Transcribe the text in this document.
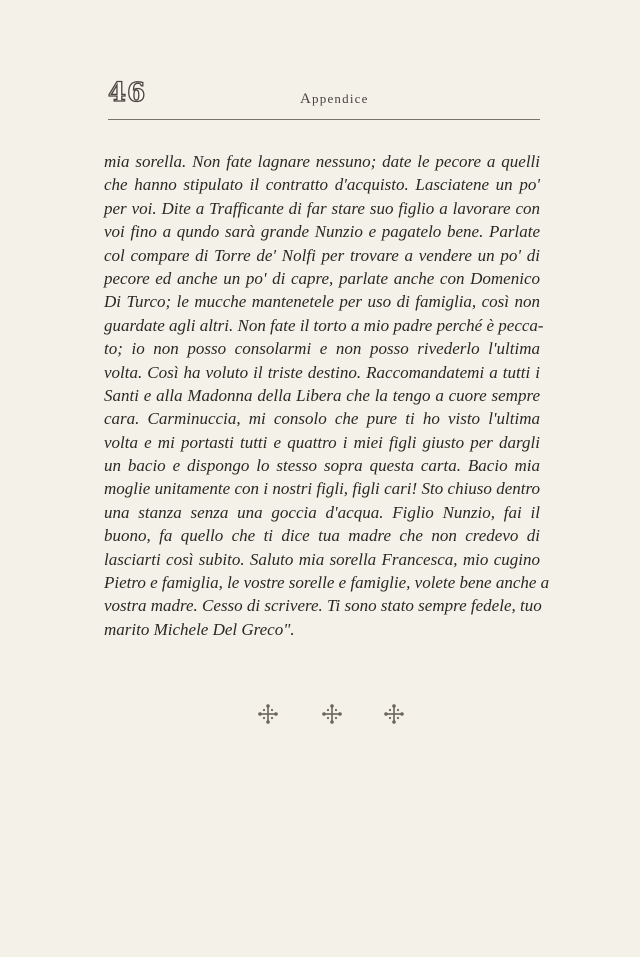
46	Appendice
mia sorella. Non fate lagnare nessuno; date le pecore a quelli
che hanno stipulato il contratto d'acquisto. Lasciatene un po'
per voi. Dite a Trafficante di far stare suo figlio a lavorare con
voi fino a qundo sarà grande Nunzio e pagatelo bene. Parlate
col compare di Torre de' Nolfi per trovare a vendere un po' di
pecore ed anche un po' di capre, parlate anche con Domenico
Di Turco; le mucche mantenetele per uso di famiglia, così non
guardate agli altri. Non fate il torto a mio padre perché è pecca-
to; io non posso consolarmi e non posso rivederlo l'ultima
volta. Così ha voluto il triste destino. Raccomandatemi a tutti i
Santi e alla Madonna della Libera che la tengo a cuore sempre
cara. Carminuccia, mi consolo che pure ti ho visto l'ultima
volta e mi portasti tutti e quattro i miei figli giusto per dargli
un bacio e dispongo lo stesso sopra questa carta. Bacio mia
moglie unitamente con i nostri figli, figli cari! Sto chiuso dentro
una stanza senza una goccia d'acqua. Figlio Nunzio, fai il
buono, fa quello che ti dice tua madre che non credevo di
lasciarti così subito. Saluto mia sorella Francesca, mio cugino
Pietro e famiglia, le vostre sorelle e famiglie, volete bene anche a
vostra madre. Cesso di scrivere. Ti sono stato sempre fedele, tuo
marito Michele Del Greco".
